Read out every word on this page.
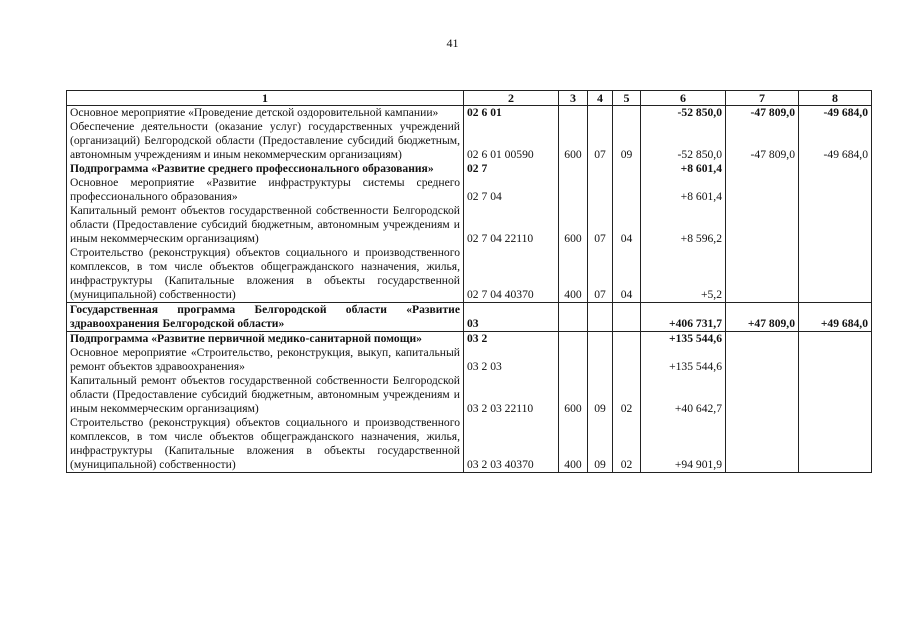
41
1	2	3	4	5	6	7	8
Основное мероприятие «Проведение детской оздоровительной кампании»	02 6 01				-52 850,0	-47 809,0	-49 684,0
Обеспечение деятельности (оказание услуг) государственных учреждений (организаций) Белгородской области (Предоставление субсидий бюджетным, автономным учреждениям и иным некоммерческим организациям)	02 6 01 00590	600	07	09	-52 850,0	-47 809,0	-49 684,0
Подпрограмма «Развитие среднего профессионального образования»	02 7				+8 601,4		
Основное мероприятие «Развитие инфраструктуры системы среднего профессионального образования»	02 7 04				+8 601,4		
Капитальный ремонт объектов государственной собственности Белгородской области (Предоставление субсидий бюджетным, автономным учреждениям и иным некоммерческим организациям)	02 7 04 22110	600	07	04	+8 596,2		
Строительство (реконструкция) объектов социального и производственного комплексов, в том числе объектов общегражданского назначения, жилья, инфраструктуры (Капитальные вложения в объекты государственной (муниципальной) собственности)	02 7 04 40370	400	07	04	+5,2		
Государственная программа Белгородской области «Развитие здравоохранения Белгородской области»	03				+406 731,7	+47 809,0	+49 684,0
Подпрограмма «Развитие первичной медико-санитарной помощи»	03 2				+135 544,6		
Основное мероприятие «Строительство, реконструкция, выкуп, капитальный ремонт объектов здравоохранения»	03 2 03				+135 544,6		
Капитальный ремонт объектов государственной собственности Белгородской области (Предоставление субсидий бюджетным, автономным учреждениям и иным некоммерческим организациям)	03 2 03 22110	600	09	02	+40 642,7		
Строительство (реконструкция) объектов социального и производственного комплексов, в том числе объектов общегражданского назначения, жилья, инфраструктуры (Капитальные вложения в объекты государственной (муниципальной) собственности)	03 2 03 40370	400	09	02	+94 901,9		
